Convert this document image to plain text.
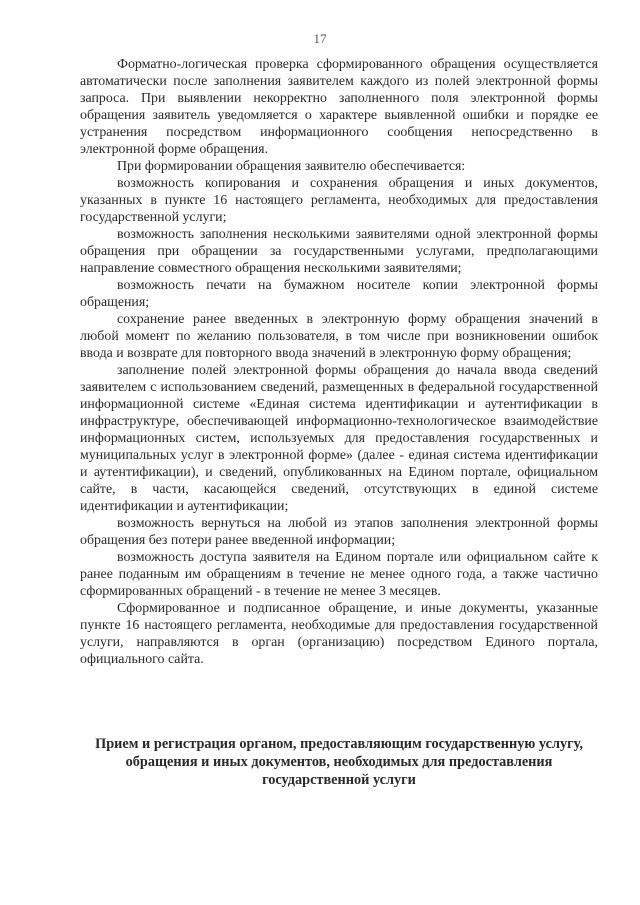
17

Форматно-логическая проверка сформированного обращения осуществляется автоматически после заполнения заявителем каждого из полей электронной формы запроса. При выявлении некорректно заполненного поля электронной формы обращения заявитель уведомляется о характере выявленной ошибки и порядке ее устранения посредством информационного сообщения непосредственно в электронной форме обращения.

При формировании обращения заявителю обеспечивается:

возможность копирования и сохранения обращения и иных документов, указанных в пункте 16 настоящего регламента, необходимых для предоставления государственной услуги;

возможность заполнения несколькими заявителями одной электронной формы обращения при обращении за государственными услугами, предполагающими направление совместного обращения несколькими заявителями;

возможность печати на бумажном носителе копии электронной формы обращения;

сохранение ранее введенных в электронную форму обращения значений в любой момент по желанию пользователя, в том числе при возникновении ошибок ввода и возврате для повторного ввода значений в электронную форму обращения;

заполнение полей электронной формы обращения до начала ввода сведений заявителем с использованием сведений, размещенных в федеральной государственной информационной системе «Единая система идентификации и аутентификации в инфраструктуре, обеспечивающей информационно-технологическое взаимодействие информационных систем, используемых для предоставления государственных и муниципальных услуг в электронной форме» (далее - единая система идентификации и аутентификации), и сведений, опубликованных на Едином портале, официальном сайте, в части, касающейся сведений, отсутствующих в единой системе идентификации и аутентификации;

возможность вернуться на любой из этапов заполнения электронной формы обращения без потери ранее введенной информации;

возможность доступа заявителя на Едином портале или официальном сайте к ранее поданным им обращениям в течение не менее одного года, а также частично сформированных обращений - в течение не менее 3 месяцев.

Сформированное и подписанное обращение, и иные документы, указанные пункте 16 настоящего регламента, необходимые для предоставления государственной услуги, направляются в орган (организацию) посредством Единого портала, официального сайта.

Прием и регистрация органом, предоставляющим государственную услугу, обращения и иных документов, необходимых для предоставления государственной услуги
